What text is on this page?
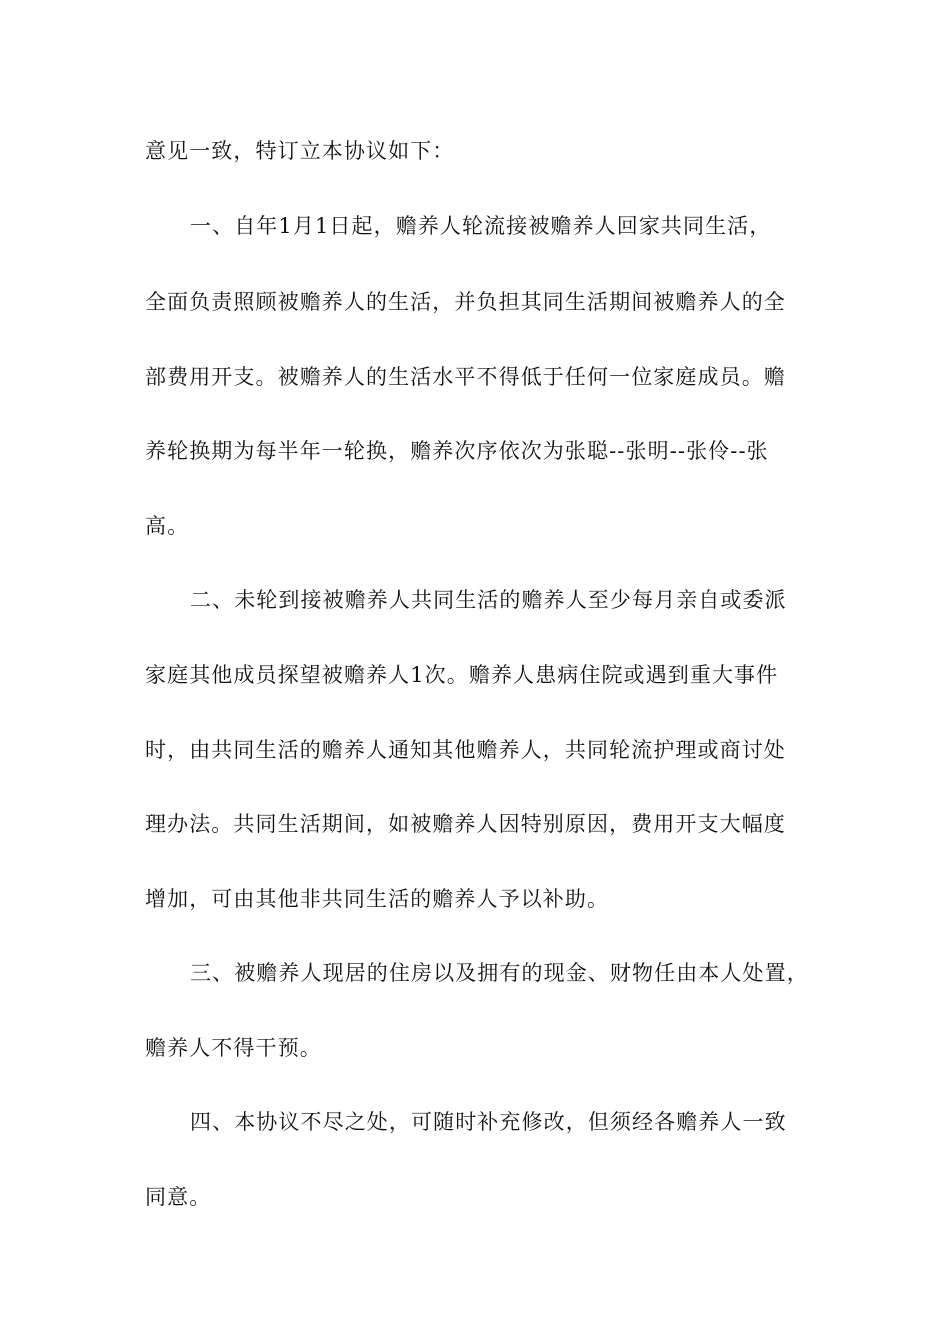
意见一致，特订立本协议如下：
一、自年1月1日起，赡养人轮流接被赡养人回家共同生活，
全面负责照顾被赡养人的生活，并负担其同生活期间被赡养人的全
部费用开支。被赡养人的生活水平不得低于任何一位家庭成员。赡
养轮换期为每半年一轮换，赡养次序依次为张聪--张明--张伶--张
高。
二、未轮到接被赡养人共同生活的赡养人至少每月亲自或委派
家庭其他成员探望被赡养人1次。赡养人患病住院或遇到重大事件
时，由共同生活的赡养人通知其他赡养人，共同轮流护理或商讨处
理办法。共同生活期间，如被赡养人因特别原因，费用开支大幅度
增加，可由其他非共同生活的赡养人予以补助。
三、被赡养人现居的住房以及拥有的现金、财物任由本人处置，
赡养人不得干预。
四、本协议不尽之处，可随时补充修改，但须经各赡养人一致
同意。
